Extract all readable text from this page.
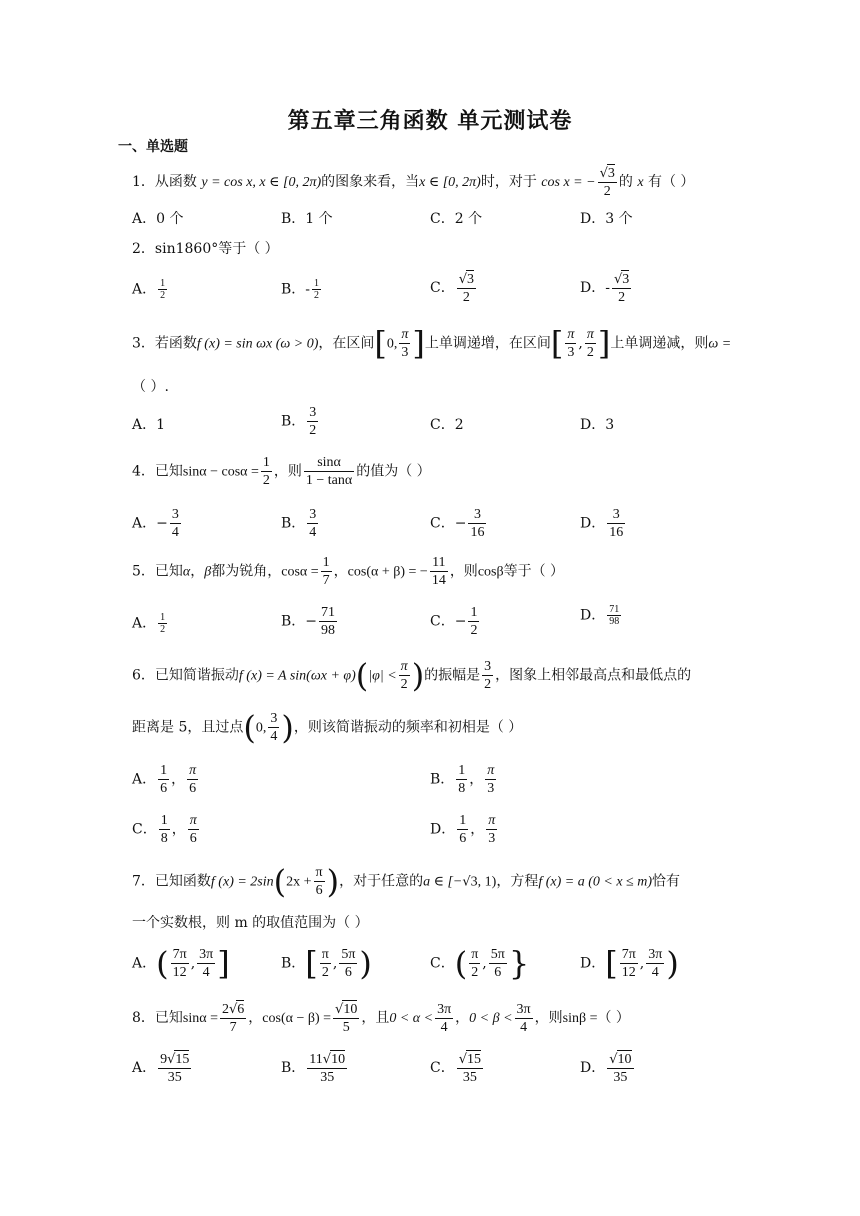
第五章三角函数 单元测试卷
一、单选题
1．从函数 y = cos x, x ∈ [0, 2π)的图象来看，当x ∈ [0, 2π)时，对于 cos x = − $\frac{√3}{2}$ 的 x 有（ ）
A．0 个	B．1 个	C．2 个	D．3 个
2．sin1860°等于（ ）
A． $\frac{1}{2}$	B．- $\frac{1}{2}$	C． $\frac{√3}{2}$	D．- $\frac{√3}{2}$
3．若函数f (x) = sin ωx (ω > 0)，在区间[0, $\frac{\pi}{3}$ ]上单调递增，在区间[ $\frac{\pi}{3}$ , $\frac{\pi}{2}$ ]上单调递减，则ω =
（ ）.
A．1	B． $\frac{3}{2}$	C．2	D．3
4．已知$\sin\alpha - \cos\alpha = \frac{1}{2}$ ，则 $\frac{\sin\alpha}{1 - \tan\alpha}$ 的值为（ ）
A．− $\frac{3}{4}$	B． $\frac{3}{4}$	C．− $\frac{3}{16}$	D． $\frac{3}{16}$
5．已知α，β都为锐角，$\cos\alpha = \frac{1}{7}$ ，cos(α + β) = − $\frac{11}{14}$ ，则cosβ等于（ ）
A． $\frac{1}{2}$	B．− $\frac{71}{98}$	C．− $\frac{1}{2}$	D． $\frac{71}{98}$
6．已知简谐振动f (x) = A $\sin(\omega x + \varphi)(|\varphi| < \frac{\pi}{2}$ )的振幅是 $\frac{3}{2}$ ，图象上相邻最高点和最低点的
距离是 5，且过点(0, $\frac{3}{4}$ )，则该简谐振动的频率和初相是（ ）
A． $\frac{1}{6}$ ， $\frac{\pi}{6}$	B． $\frac{1}{8}$ ， $\frac{\pi}{3}$
C． $\frac{1}{8}$ ， $\frac{\pi}{6}$	D． $\frac{1}{6}$ ， $\frac{\pi}{3}$
7．已知函数f $(x) = 2\sin(2x + \frac{\pi}{6}$ )，对于任意的a ∈ [−√3, 1)，方程f (x) = a (0 < x ≤ m)恰有
一个实数根，则 m 的取值范围为（ ）
A．( $\frac{7\pi}{12}$ , $\frac{3\pi}{4}$ ]	B．[ $\frac{\pi}{2}$ , $\frac{5\pi}{6}$ )	C．( $\frac{\pi}{2}$ , $\frac{5\pi}{6}$ }	D．[ $\frac{7\pi}{12}$ , $\frac{3\pi}{4}$ )
8．已知$\sin\alpha = \frac{2√6}{7}$ ，$\cos(\alpha - \beta) = \frac{√10}{5}$ ，且$0 < \alpha < \frac{3\pi}{4}$ ，$0 < \beta < \frac{3\pi}{4}$ ，则sinβ =（ ）
A． $\frac{9√15}{35}$	B． $\frac{11√10}{35}$	C． $\frac{√15}{35}$	D． $\frac{√10}{35}$
